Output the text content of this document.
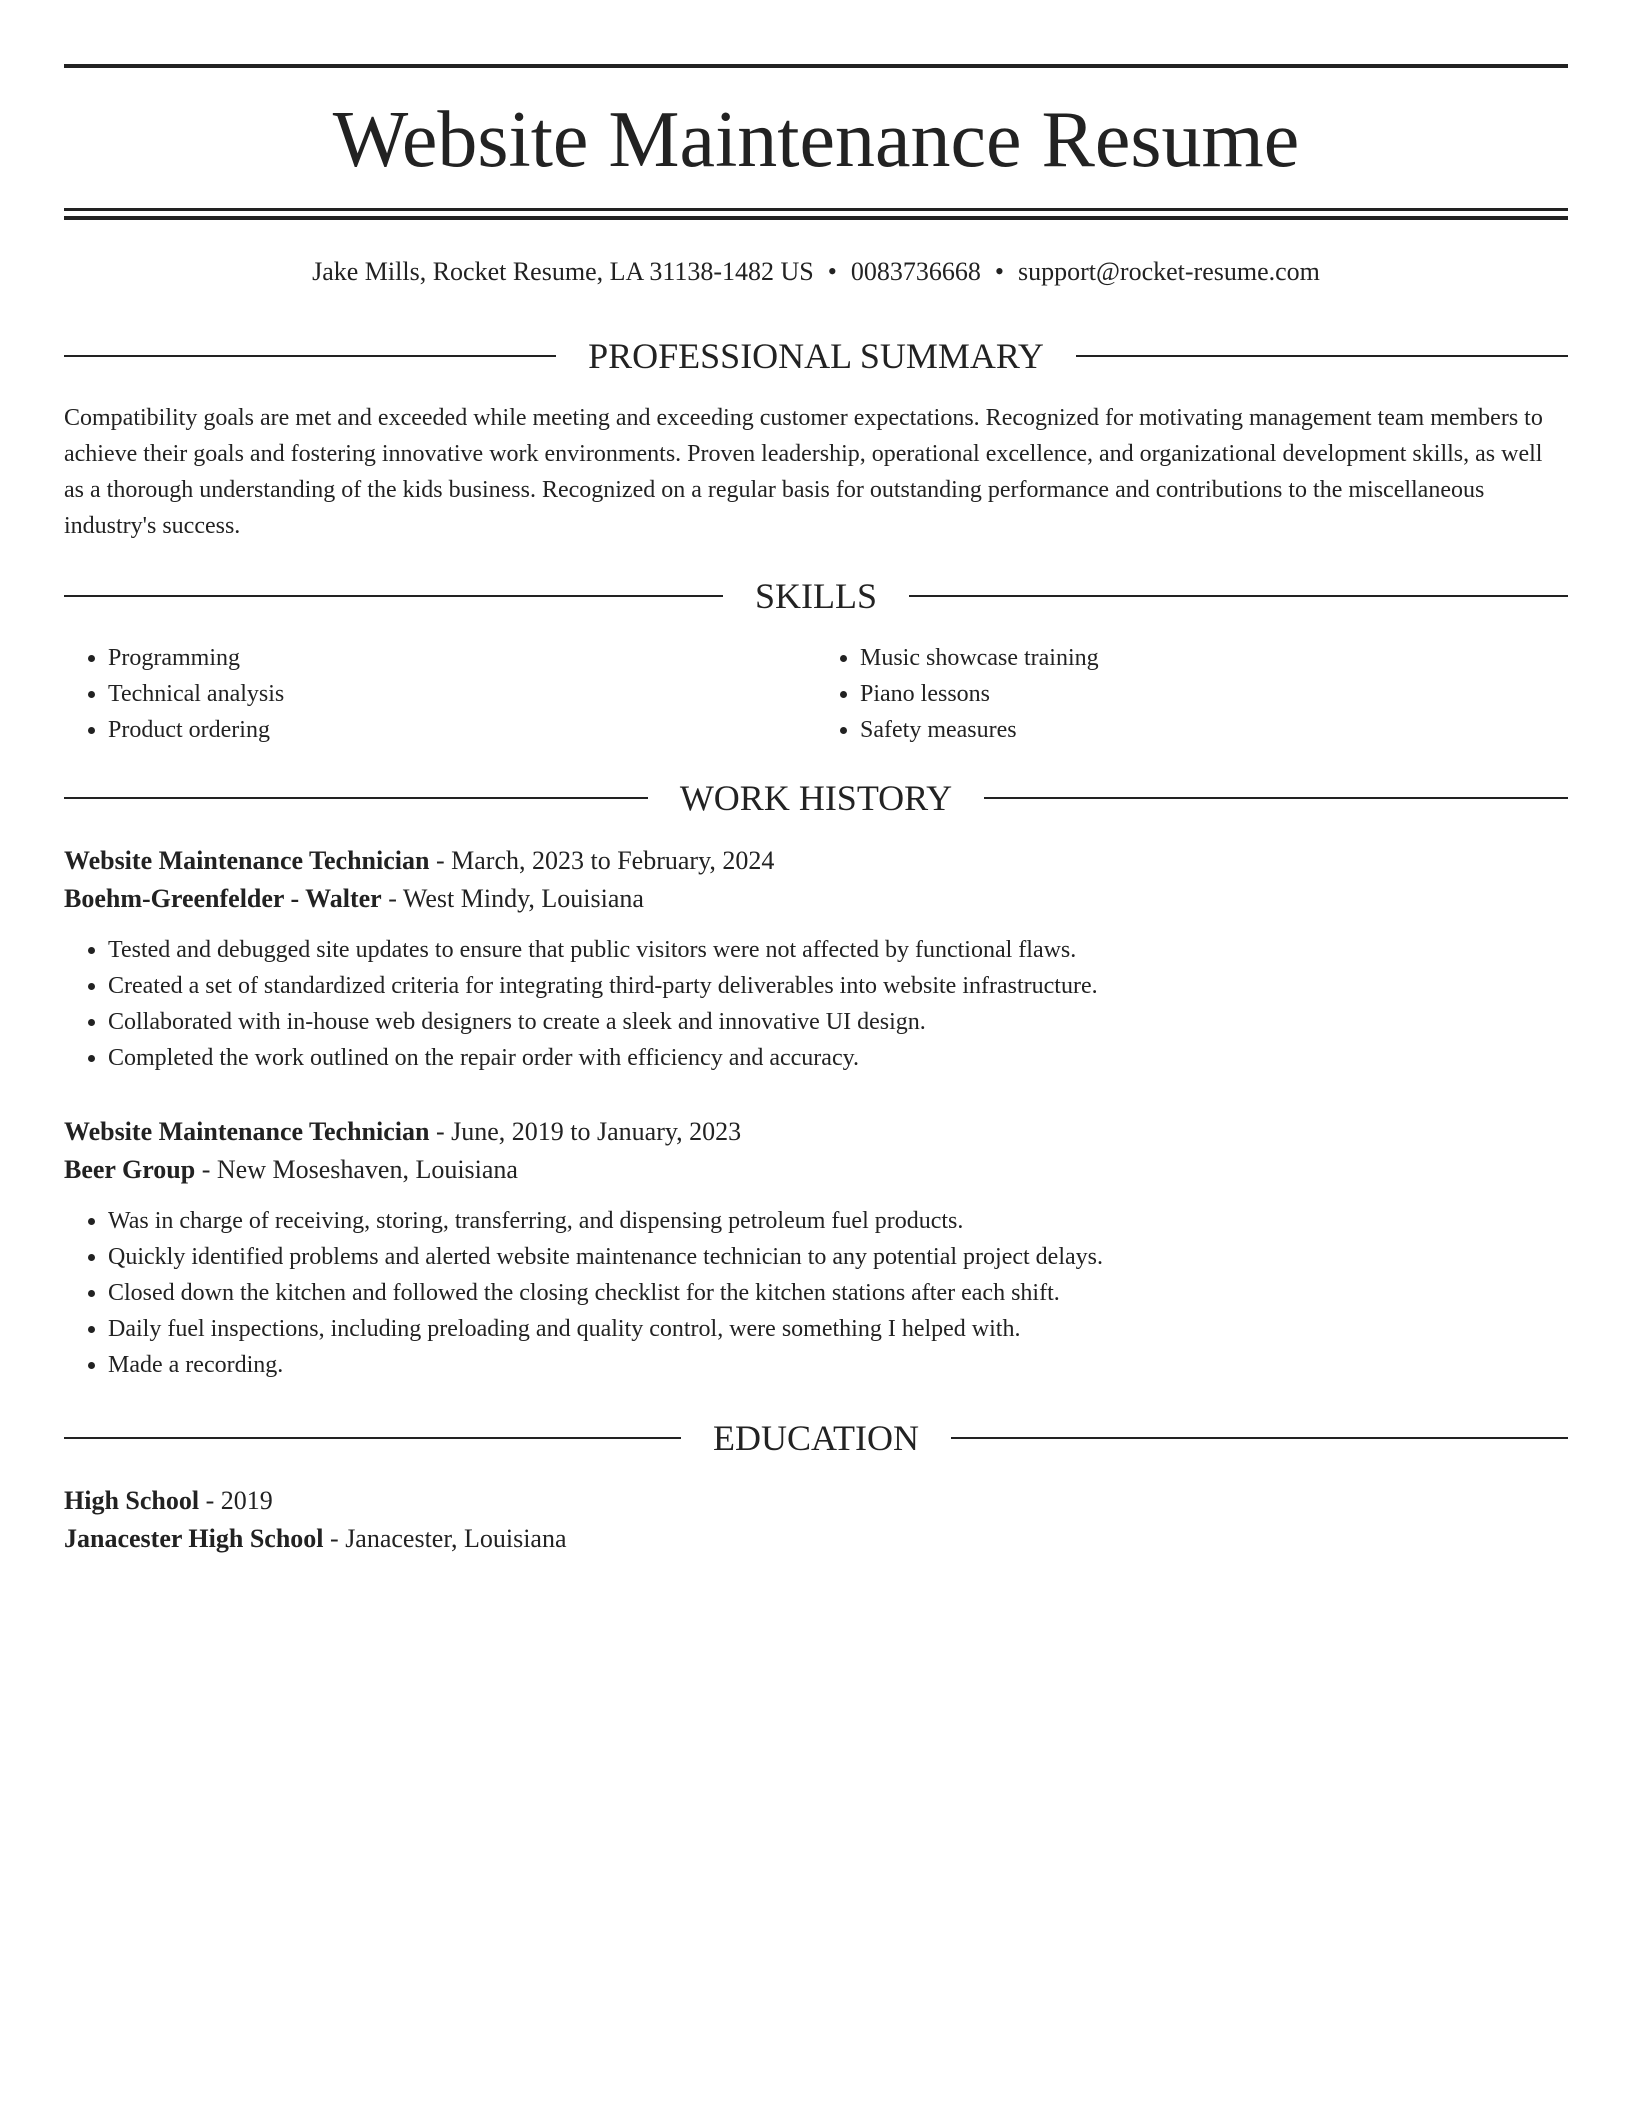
Website Maintenance Resume
Jake Mills, Rocket Resume, LA 31138-1482 US • 0083736668 • support@rocket-resume.com
PROFESSIONAL SUMMARY

Compatibility goals are met and exceeded while meeting and exceeding customer expectations. Recognized for motivating management team members to achieve their goals and fostering innovative work environments. Proven leadership, operational excellence, and organizational development skills, as well as a thorough understanding of the kids business. Recognized on a regular basis for outstanding performance and contributions to the miscellaneous industry's success.

SKILLS
• Programming
• Technical analysis
• Product ordering
• Music showcase training
• Piano lessons
• Safety measures
WORK HISTORY
Website Maintenance Technician - March, 2023 to February, 2024
Boehm-Greenfelder - Walter - West Mindy, Louisiana
• Tested and debugged site updates to ensure that public visitors were not affected by functional flaws.
• Created a set of standardized criteria for integrating third-party deliverables into website infrastructure.
• Collaborated with in-house web designers to create a sleek and innovative UI design.
• Completed the work outlined on the repair order with efficiency and accuracy.
Website Maintenance Technician - June, 2019 to January, 2023
Beer Group - New Moseshaven, Louisiana
• Was in charge of receiving, storing, transferring, and dispensing petroleum fuel products.
• Quickly identified problems and alerted website maintenance technician to any potential project delays.
• Closed down the kitchen and followed the closing checklist for the kitchen stations after each shift.
• Daily fuel inspections, including preloading and quality control, were something I helped with.
• Made a recording.
EDUCATION
High School - 2019
Janacester High School - Janacester, Louisiana
